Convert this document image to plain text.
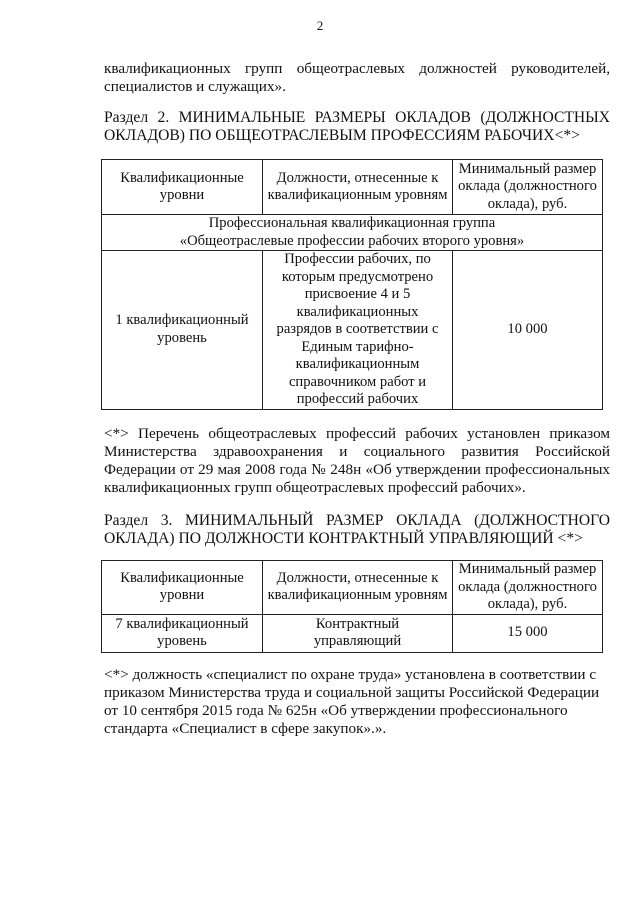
2
квалификационных групп общеотраслевых должностей руководителей,
специалистов и служащих».
Раздел 2. МИНИМАЛЬНЫЕ РАЗМЕРЫ ОКЛАДОВ (ДОЛЖНОСТНЫХ
ОКЛАДОВ) ПО ОБЩЕОТРАСЛЕВЫМ ПРОФЕССИЯМ РАБОЧИХ<*>
Квалификационные уровни	Должности, отнесенные к квалификационным уровням	Минимальный размер оклада (должностного оклада), руб.

Профессиональная квалификационная группа
«Общеотраслевые профессии рабочих второго уровня»		

1 квалификационный уровень	Профессии рабочих, по которым предусмотрено присвоение 4 и 5 квалификационных разрядов в соответствии с Единым тарифно-квалификационным справочником работ и профессий рабочих	10 000
<*> Перечень общеотраслевых профессий рабочих установлен приказом
Министерства здравоохранения и социального развития Российской
Федерации от 29 мая 2008 года № 248н «Об утверждении профессиональных
квалификационных групп общеотраслевых профессий рабочих».
Раздел 3. МИНИМАЛЬНЫЙ РАЗМЕР ОКЛАДА (ДОЛЖНОСТНОГО
ОКЛАДА) ПО ДОЛЖНОСТИ КОНТРАКТНЫЙ УПРАВЛЯЮЩИЙ <*>
Квалификационные уровни	Должности, отнесенные к квалификационным уровням	Минимальный размер оклада (должностного оклада), руб.
7 квалификационный уровень	Контрактный управляющий	15 000
<*> должность «специалист по охране труда» установлена в соответствии с
приказом Министерства труда и социальной защиты Российской Федерации
от 10 сентября 2015 года № 625н «Об утверждении профессионального
стандарта «Специалист в сфере закупок».».
